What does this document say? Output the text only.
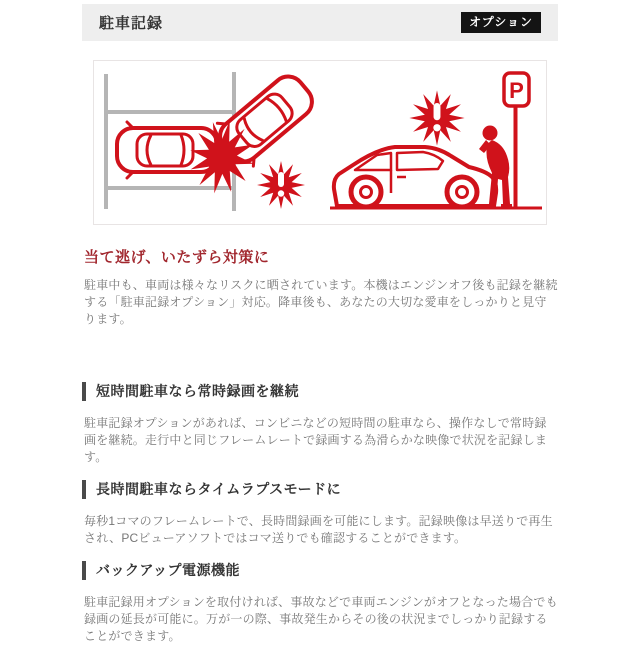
駐車記録	オプション
P
当て逃げ、いたずら対策に

駐車中も、車両は様々なリスクに晒されています。本機はエンジンオフ後も記録を継続する「駐車記録オプション」対応。降車後も、あなたの大切な愛車をしっかりと見守ります。

短時間駐車なら常時録画を継続

駐車記録オプションがあれば、コンビニなどの短時間の駐車なら、操作なしで常時録画を継続。走行中と同じフレームレートで録画する為滑らかな映像で状況を記録します。

長時間駐車ならタイムラプスモードに

毎秒1コマのフレームレートで、長時間録画を可能にします。記録映像は早送りで再生され、PCビューアソフトではコマ送りでも確認することができます。

バックアップ電源機能

駐車記録用オプションを取付ければ、事故などで車両エンジンがオフとなった場合でも録画の延長が可能に。万が一の際、事故発生からその後の状況までしっかり記録することができます。
